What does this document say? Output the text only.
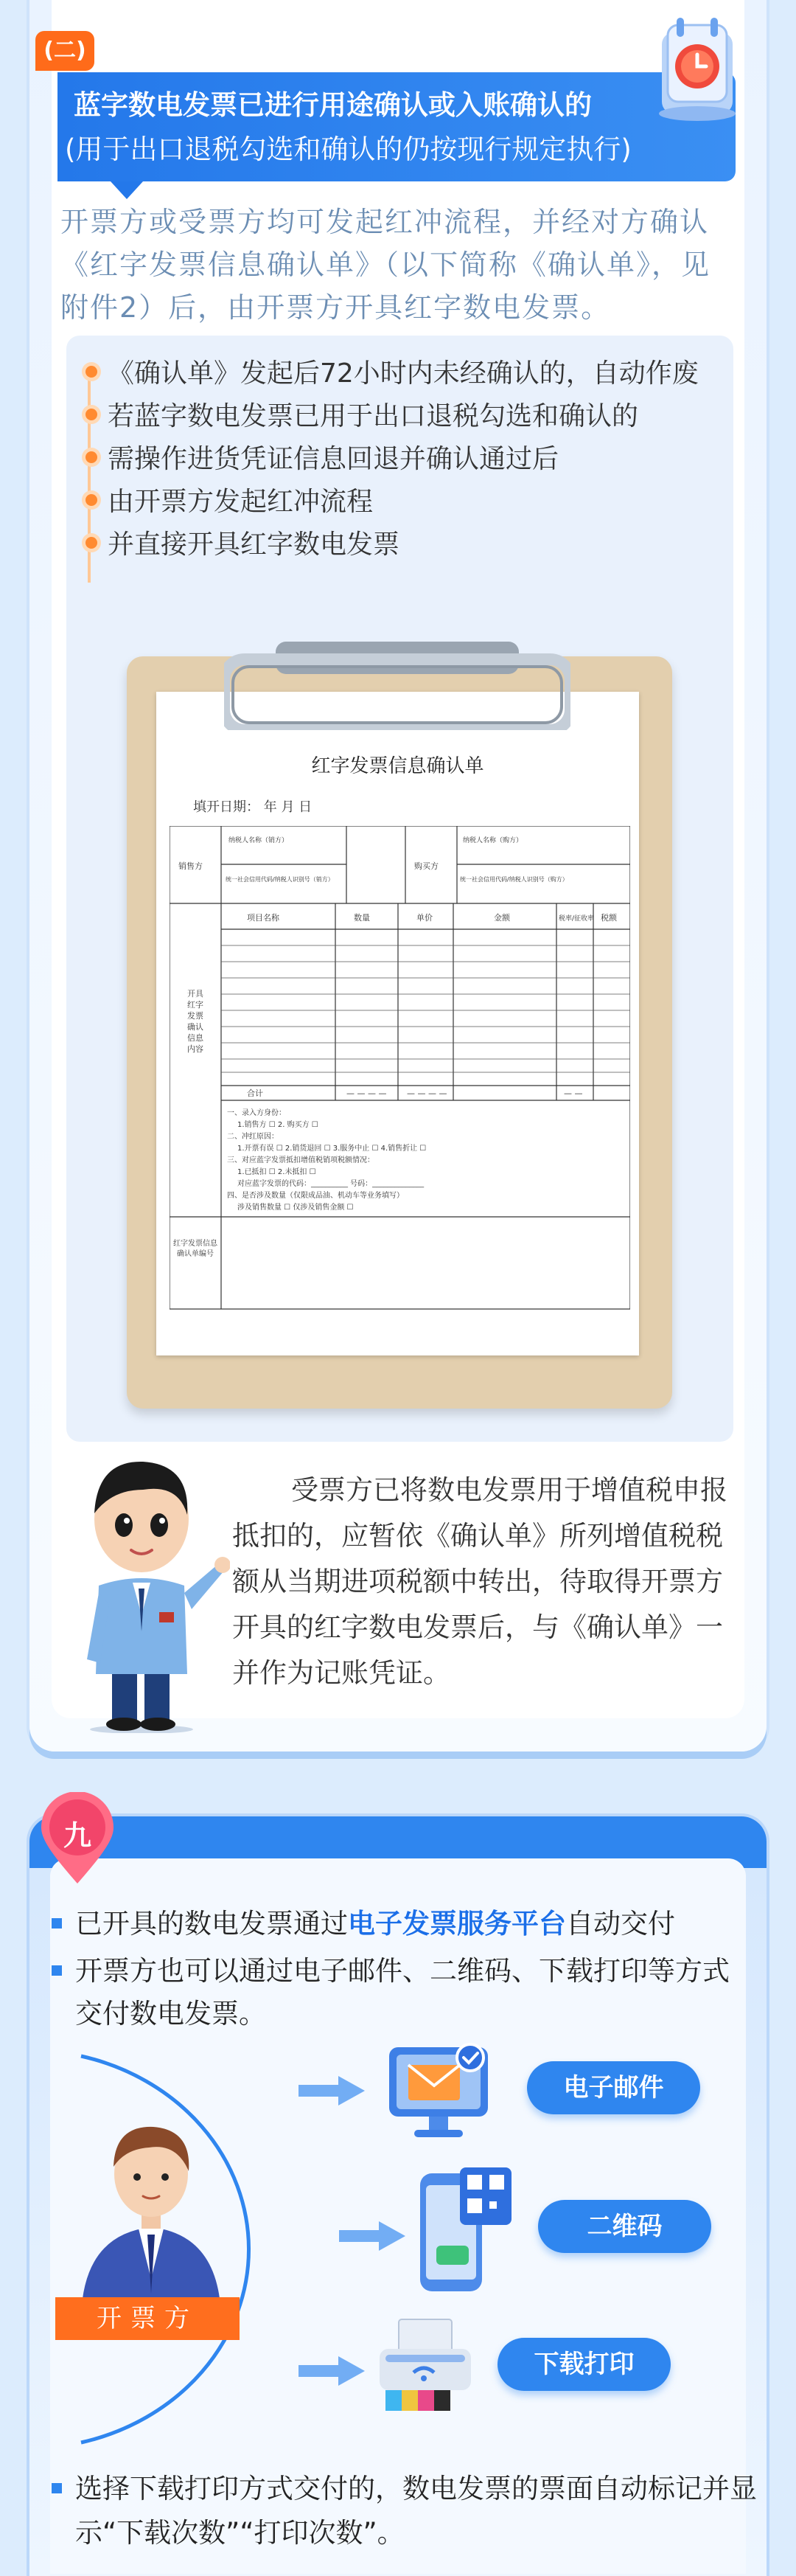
(二)
蓝字数电发票已进行用途确认或入账确认的
(用于出口退税勾选和确认的仍按现行规定执行)
开票方或受票方均可发起红冲流程，并经对方确认《红字发票信息确认单》（以下简称《确认单》，见附件2）后，由开票方开具红字数电发票。
《确认单》发起后72小时内未经确认的，自动作废
若蓝字数电发票已用于出口退税勾选和确认的
需操作进货凭证信息回退并确认通过后
由开票方发起红冲流程
并直接开具红字数电发票
红字发票信息确认单
填开日期： 年 月 日
销售方	购买方
纳税人名称（销方）	纳税人名称（购方）
统一社会信用代码/纳税人识别号（销方）	统一社会信用代码/纳税人识别号（购方）
项目名称	数量	单价	金额	税率/征收率 税额
开具红字发票确认信息内容
合计	— — — —	— — — —	— —
一、录入方身份：
1.销售方 ☐ 2. 购买方 ☐
二、冲红原因：
1.开票有误 ☐ 2.销货退回 ☐ 3.服务中止 ☐ 4.销售折让 ☐
三、对应蓝字发票抵扣增值税销项税额情况：
1.已抵扣 ☐ 2.未抵扣 ☐
对应蓝字发票的代码：__________ 号码：______________
四、是否涉及数量（仅限成品油、机动车等业务填写）
涉及销售数量 ☐ 仅涉及销售金额 ☐
红字发票信息确认单编号
受票方已将数电发票用于增值税申报抵扣的，应暂依《确认单》所列增值税税额从当期进项税额中转出，待取得开票方开具的红字数电发票后，与《确认单》一并作为记账凭证。
九
已开具的数电发票通过电子发票服务平台自动交付
开票方也可以通过电子邮件、二维码、下载打印等方式交付数电发票。
开票方
电子邮件
二维码
下载打印
选择下载打印方式交付的，数电发票的票面自动标记并显示“下载次数”“打印次数”。
